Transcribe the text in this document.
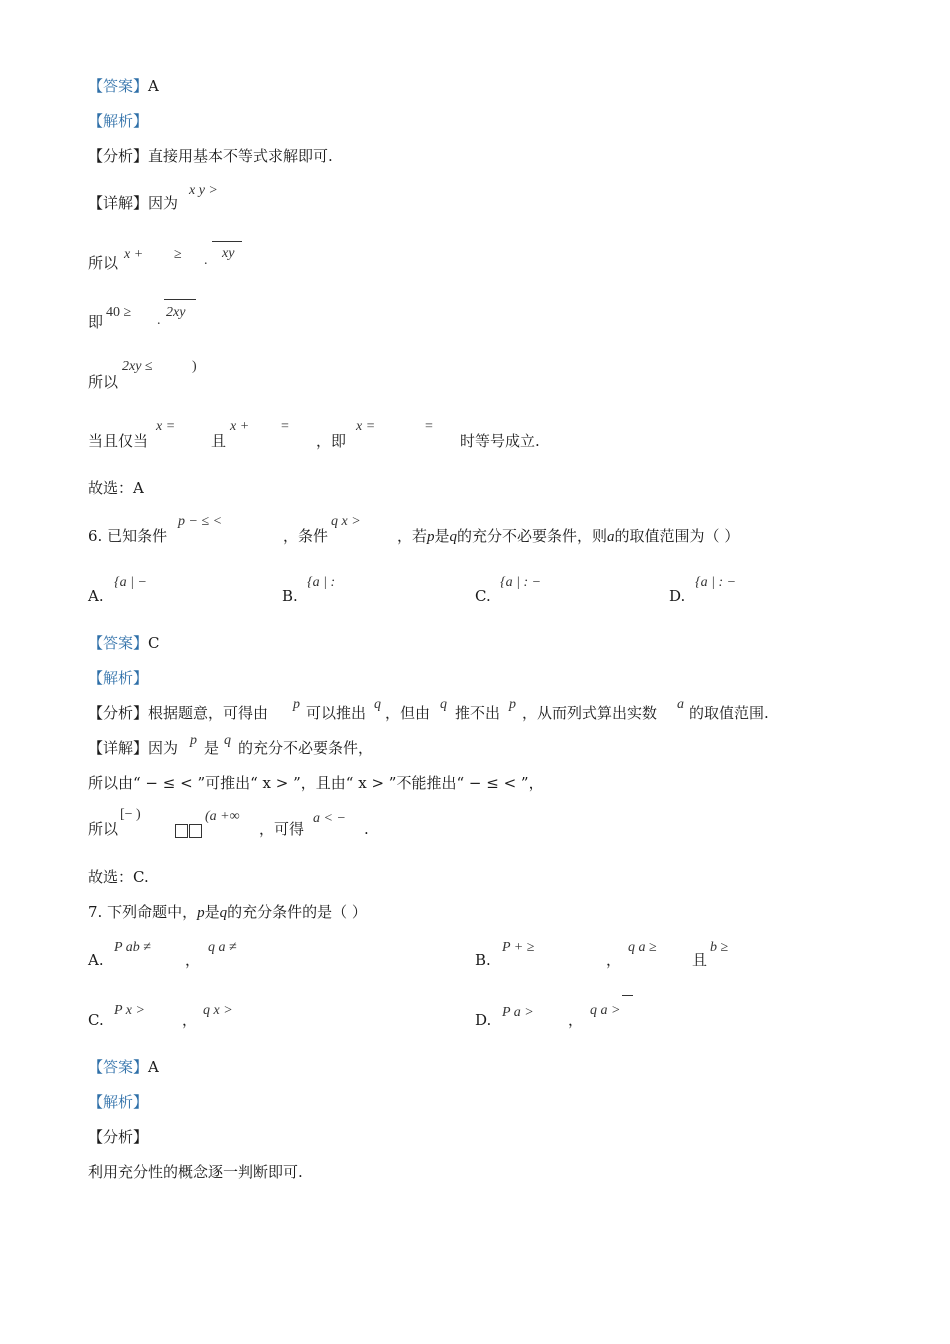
【答案】A
【解析】
【分析】直接用基本不等式求解即可.
【详解】因为
x y >
所以 x + ≥ . xy
即
40 ≥
.
2xy
所以
2xy ≤	)
当且仅当
x =
且
x + =
，即
x =	=
时等号成立.
故选：A
6. 已知条件
p − ≤ <
，条件
q x >
，若p是q的充分不必要条件，则a的取值范围为（ ）
A.
{a | −
B.
{a | :
C.
{a | : −
D.
{a | : −
【答案】C
【解析】
【分析】根据题意，可得由 p 可以推出 q ，但由 q 推不出 p ，从而列式算出实数 a 的取值范围.
【详解】因为 p 是 q 的充分不必要条件，
所以由“ − ≤ < ”可推出“ x > ”，且由“ x > ”不能推出“ − ≤ < ”，
所以
[− )	(a +∞
，可得
a < −
.
故选：C.
7. 下列命题中，p是q的充分条件的是（ ）
A.
P ab ≠
，
q a ≠
B.
P + ≥
，
q a ≥
且
b ≥
C.
P x >
，
q x >
D. P a > ，
q a >
【答案】A
【解析】
【分析】
利用充分性的概念逐一判断即可.
